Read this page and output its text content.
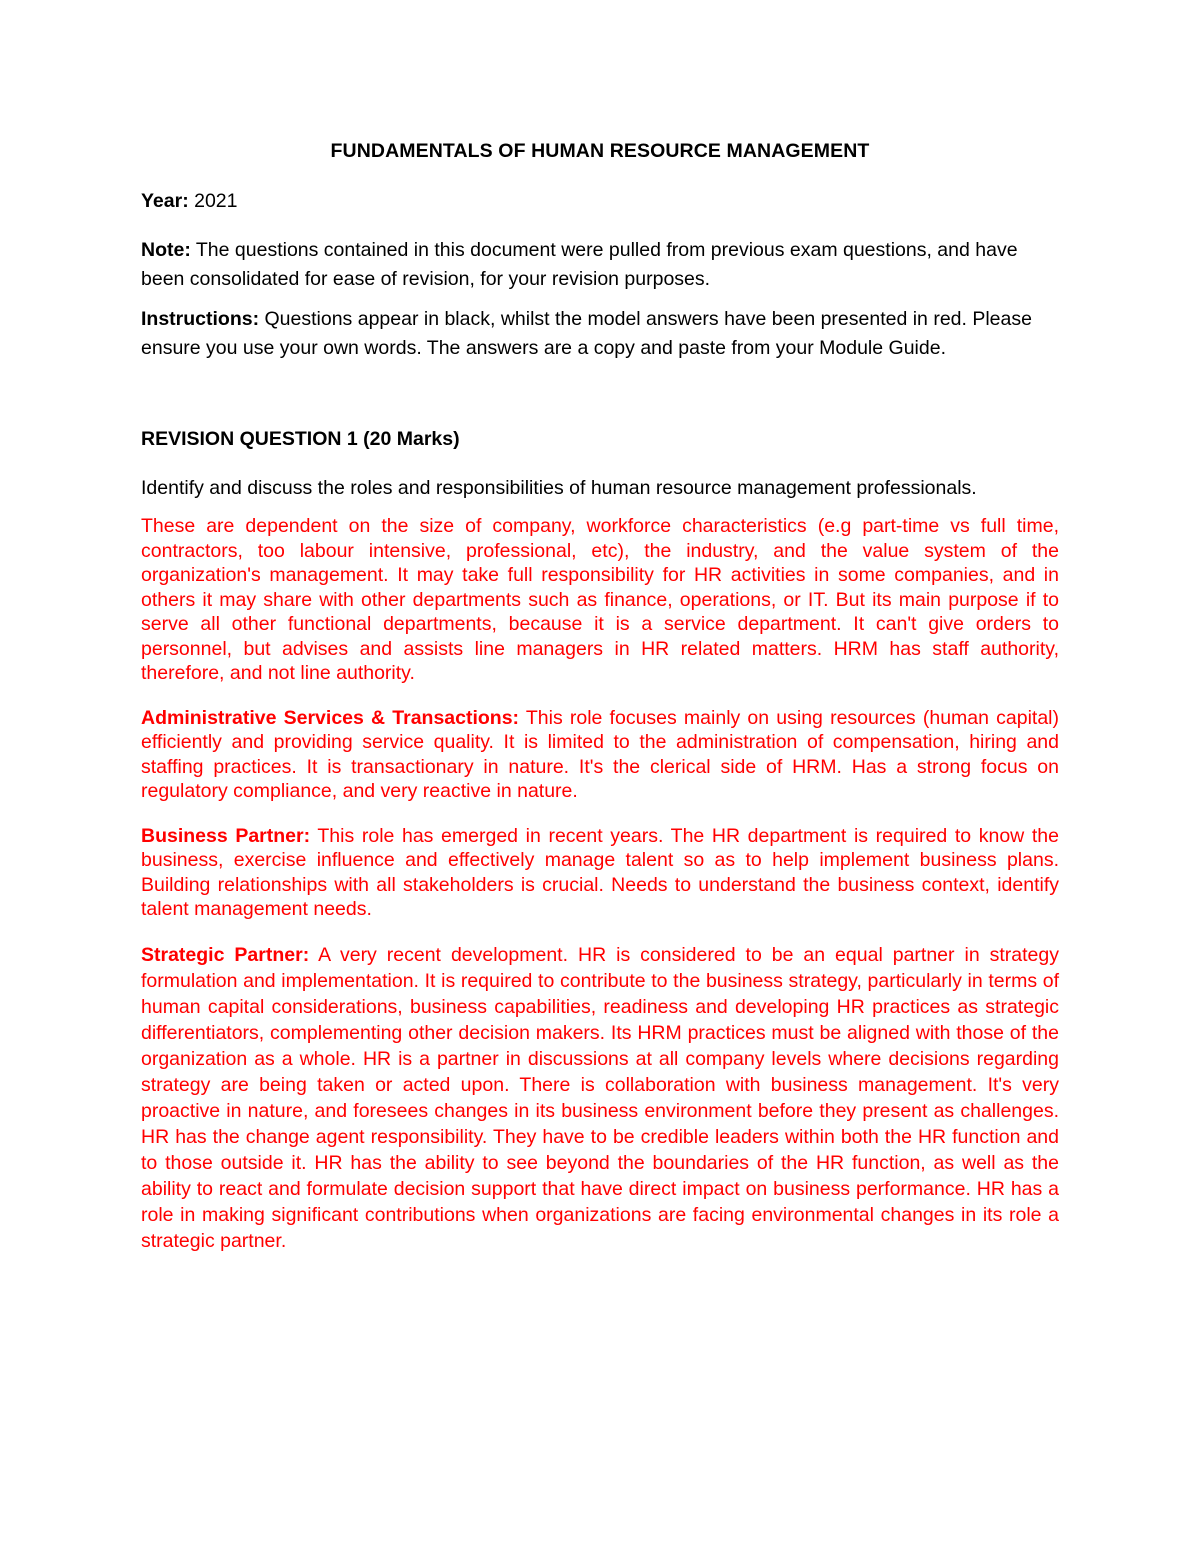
FUNDAMENTALS OF HUMAN RESOURCE MANAGEMENT

Year: 2021

Note: The questions contained in this document were pulled from previous exam questions, and have been consolidated for ease of revision, for your revision purposes.

Instructions: Questions appear in black, whilst the model answers have been presented in red. Please ensure you use your own words. The answers are a copy and paste from your Module Guide.

REVISION QUESTION 1 (20 Marks)

Identify and discuss the roles and responsibilities of human resource management professionals.

These are dependent on the size of company, workforce characteristics (e.g part-time vs full time, contractors, too labour intensive, professional, etc), the industry, and the value system of the organization's management. It may take full responsibility for HR activities in some companies, and in others it may share with other departments such as finance, operations, or IT. But its main purpose if to serve all other functional departments, because it is a service department. It can't give orders to personnel, but advises and assists line managers in HR related matters. HRM has staff authority, therefore, and not line authority.

Administrative Services & Transactions: This role focuses mainly on using resources (human capital) efficiently and providing service quality. It is limited to the administration of compensation, hiring and staffing practices. It is transactionary in nature. It's the clerical side of HRM. Has a strong focus on regulatory compliance, and very reactive in nature.

Business Partner: This role has emerged in recent years. The HR department is required to know the business, exercise influence and effectively manage talent so as to help implement business plans. Building relationships with all stakeholders is crucial. Needs to understand the business context, identify talent management needs.

Strategic Partner: A very recent development. HR is considered to be an equal partner in strategy formulation and implementation. It is required to contribute to the business strategy, particularly in terms of human capital considerations, business capabilities, readiness and developing HR practices as strategic differentiators, complementing other decision makers. Its HRM practices must be aligned with those of the organization as a whole. HR is a partner in discussions at all company levels where decisions regarding strategy are being taken or acted upon. There is collaboration with business management. It's very proactive in nature, and foresees changes in its business environment before they present as challenges. HR has the change agent responsibility. They have to be credible leaders within both the HR function and to those outside it. HR has the ability to see beyond the boundaries of the HR function, as well as the ability to react and formulate decision support that have direct impact on business performance. HR has a role in making significant contributions when organizations are facing environmental changes in its role a strategic partner.
